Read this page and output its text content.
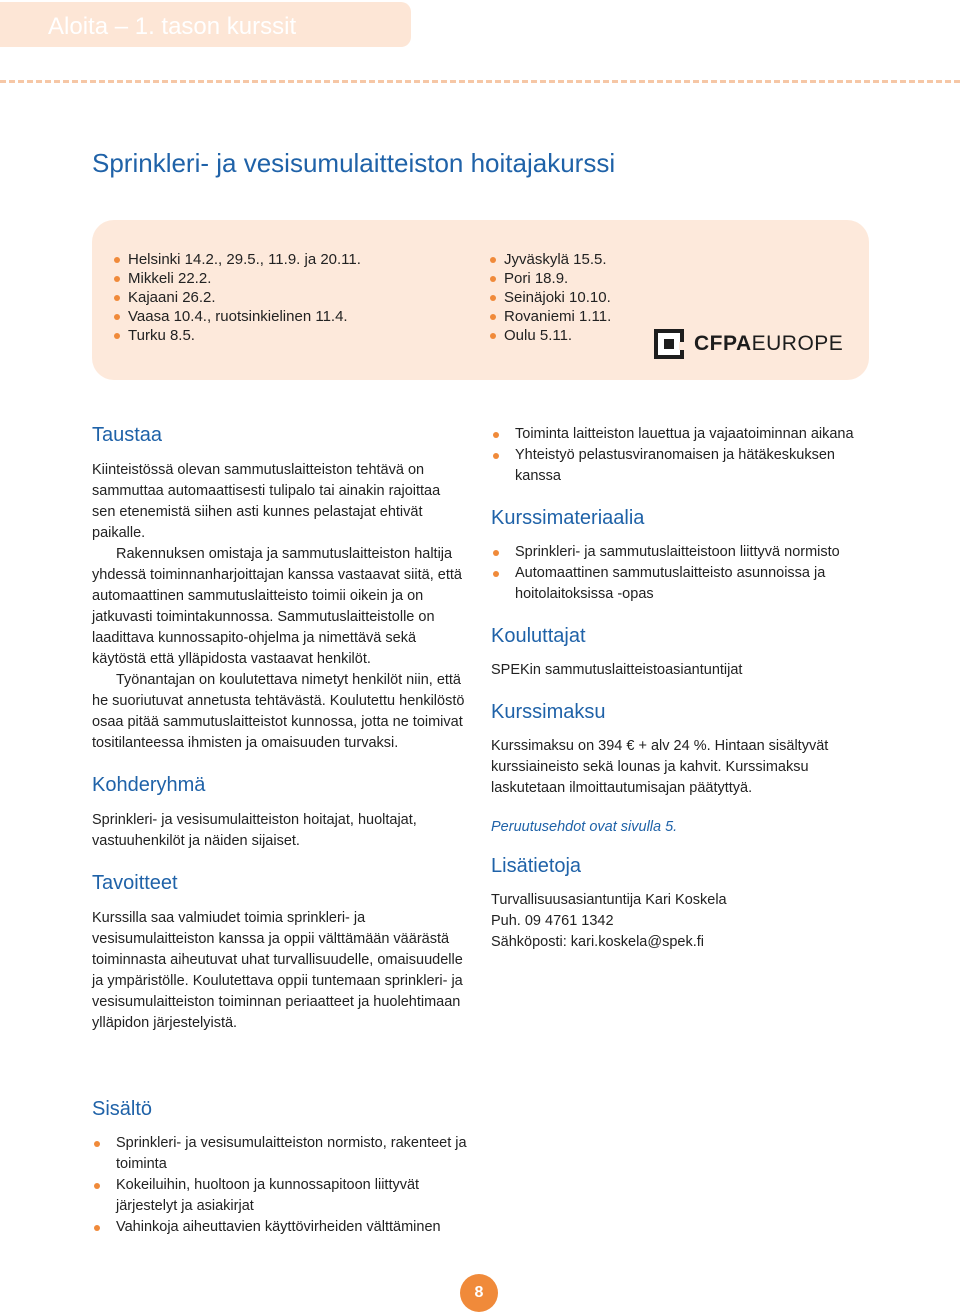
Aloita – 1. tason kurssit
Sprinkleri- ja vesisumulaitteiston hoitajakurssi
Helsinki 14.2., 29.5., 11.9. ja 20.11.
Mikkeli 22.2.
Kajaani 26.2.
Vaasa 10.4., ruotsinkielinen 11.4.
Turku 8.5.
Jyväskylä 15.5.
Pori 18.9.
Seinäjoki 10.10.
Rovaniemi 1.11.
Oulu 5.11.	CFPAEUROPE
Taustaa

Kiinteistössä olevan sammutuslaitteiston tehtävä on sammuttaa automaattisesti tulipalo tai ainakin rajoittaa sen etenemistä siihen asti kunnes pelastajat ehtivät paikalle.

Rakennuksen omistaja ja sammutuslaitteiston haltija yhdessä toiminnanharjoittajan kanssa vastaavat siitä, että automaattinen sammutuslaitteisto toimii oikein ja on jatkuvasti toimintakunnossa. Sammutuslaitteistolle on laadittava kunnossapito-ohjelma ja nimettävä sekä käytöstä että ylläpidosta vastaavat henkilöt.

Työnantajan on koulutettava nimetyt henkilöt niin, että he suoriutuvat annetusta tehtävästä. Koulutettu henkilöstö osaa pitää sammutuslaitteistot kunnossa, jotta ne toimivat tositilanteessa ihmisten ja omaisuuden turvaksi.

Kohderyhmä

Sprinkleri- ja vesisumulaitteiston hoitajat, huoltajat, vastuuhenkilöt ja näiden sijaiset.

Tavoitteet

Kurssilla saa valmiudet toimia sprinkleri- ja vesisumulaitteiston kanssa ja oppii välttämään väärästä toiminnasta aiheutuvat uhat turvallisuudelle, omaisuudelle ja ympäristölle. Koulutettava oppii tuntemaan sprinkleri- ja vesisumulaitteiston toiminnan periaatteet ja huolehtimaan ylläpidon järjestelyistä.

Sisältö
Sprinkleri- ja vesisumulaitteiston normisto, rakenteet ja toiminta
Kokeiluihin, huoltoon ja kunnossapitoon liittyvät järjestelyt ja asiakirjat
Vahinkoja aiheuttavien käyttövirheiden välttäminen
Toiminta laitteiston lauettua ja vajaatoiminnan aikana
Yhteistyö pelastusviranomaisen ja hätäkeskuksen kanssa
Kurssimateriaalia
Sprinkleri- ja sammutuslaitteistoon liittyvä normisto
Automaattinen sammutuslaitteisto asunnoissa ja hoitolaitoksissa -opas
Kouluttajat

SPEKin sammutuslaitteistoasiantuntijat

Kurssimaksu

Kurssimaksu on 394 € + alv 24 %. Hintaan sisältyvät kurssiaineisto sekä lounas ja kahvit. Kurssimaksu laskutetaan ilmoittautumisajan päätyttyä.

Peruutusehdot ovat sivulla 5.

Lisätietoja

Turvallisuusasiantuntija Kari Koskela

Puh. 09 4761 1342

Sähköposti: kari.koskela@spek.fi

8
